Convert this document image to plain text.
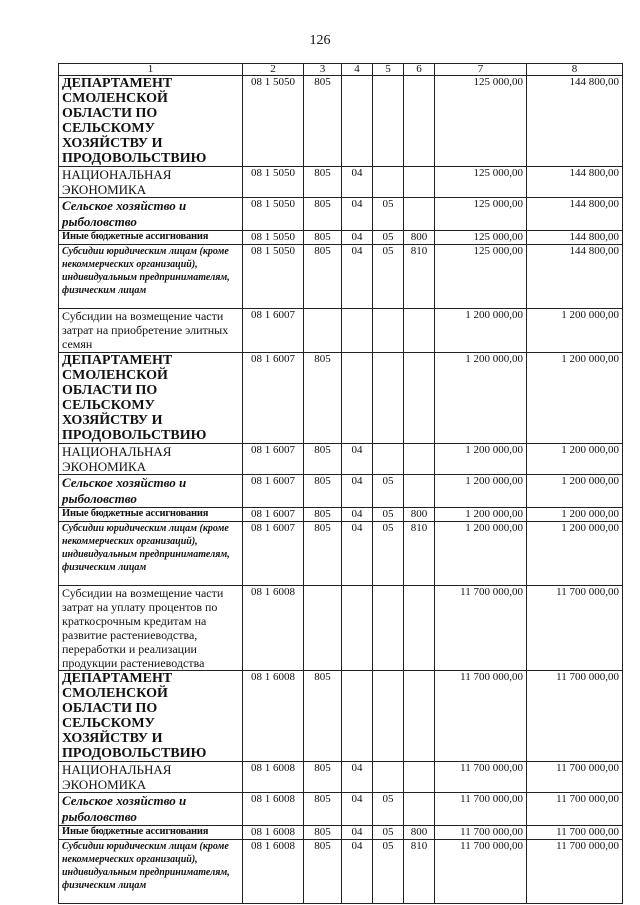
126
1	2	3	4	5	6	7	8
ДЕПАРТАМЕНТ СМОЛЕНСКОЙ ОБЛАСТИ ПО СЕЛЬСКОМУ ХОЗЯЙСТВУ И ПРОДОВОЛЬСТВИЮ	08 1 5050	805				125 000,00	144 800,00
НАЦИОНАЛЬНАЯ ЭКОНОМИКА	08 1 5050	805	04			125 000,00	144 800,00
Сельское хозяйство и рыболовство	08 1 5050	805	04	05		125 000,00	144 800,00
Иные бюджетные ассигнования	08 1 5050	805	04	05	800	125 000,00	144 800,00
Субсидии юридическим лицам (кроме некоммерческих организаций), индивидуальным предпринимателям, физическим лицам	08 1 5050	805	04	05	810	125 000,00	144 800,00
Субсидии на возмещение части затрат на приобретение элитных семян	08 1 6007					1 200 000,00	1 200 000,00
ДЕПАРТАМЕНТ СМОЛЕНСКОЙ ОБЛАСТИ ПО СЕЛЬСКОМУ ХОЗЯЙСТВУ И ПРОДОВОЛЬСТВИЮ	08 1 6007	805				1 200 000,00	1 200 000,00
НАЦИОНАЛЬНАЯ ЭКОНОМИКА	08 1 6007	805	04			1 200 000,00	1 200 000,00
Сельское хозяйство и рыболовство	08 1 6007	805	04	05		1 200 000,00	1 200 000,00
Иные бюджетные ассигнования	08 1 6007	805	04	05	800	1 200 000,00	1 200 000,00
Субсидии юридическим лицам (кроме некоммерческих организаций), индивидуальным предпринимателям, физическим лицам	08 1 6007	805	04	05	810	1 200 000,00	1 200 000,00
Субсидии на возмещение части затрат на уплату процентов по краткосрочным кредитам на развитие растениеводства, переработки и реализации продукции растениеводства	08 1 6008					11 700 000,00	11 700 000,00
ДЕПАРТАМЕНТ СМОЛЕНСКОЙ ОБЛАСТИ ПО СЕЛЬСКОМУ ХОЗЯЙСТВУ И ПРОДОВОЛЬСТВИЮ	08 1 6008	805				11 700 000,00	11 700 000,00
НАЦИОНАЛЬНАЯ ЭКОНОМИКА	08 1 6008	805	04			11 700 000,00	11 700 000,00
Сельское хозяйство и рыболовство	08 1 6008	805	04	05		11 700 000,00	11 700 000,00
Иные бюджетные ассигнования	08 1 6008	805	04	05	800	11 700 000,00	11 700 000,00
Субсидии юридическим лицам (кроме некоммерческих организаций), индивидуальным предпринимателям, физическим лицам	08 1 6008	805	04	05	810	11 700 000,00	11 700 000,00
